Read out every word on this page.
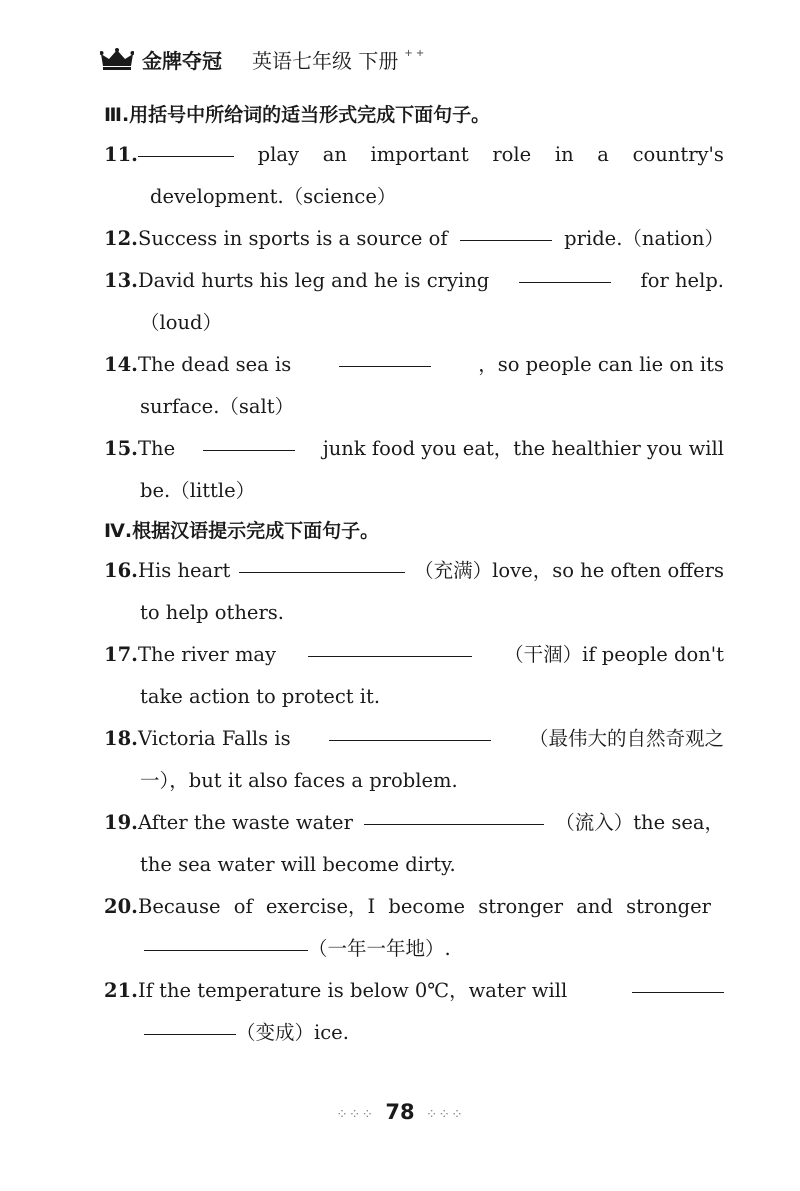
金牌夺冠 英语七年级 下册 + +
Ⅲ.用括号中所给词的适当形式完成下面句子。
11.	play an important role in a country's
development.（science）
12. Success in sports is a source of	pride.（nation）
13. David hurts his leg and he is crying	for help.
（loud）
14. The dead sea is	，so people can lie on its
surface.（salt）
15. The	junk food you eat，the healthier you will
be.（little）
Ⅳ.根据汉语提示完成下面句子。
16. His heart	（充满）love，so he often offers
to help others.
17. The river may	（干涸）if people don't
take action to protect it.
18. Victoria Falls is	（最伟大的自然奇观之
一），but it also faces a problem.
19. After the waste water	（流入）the sea，
the sea water will become dirty.
20. Because of exercise，I become stronger and stronger
（一年一年地）.
21. If the temperature is below 0℃，water will
（变成）ice.
⁘⁘⁘ 78 ⁘⁘⁘
